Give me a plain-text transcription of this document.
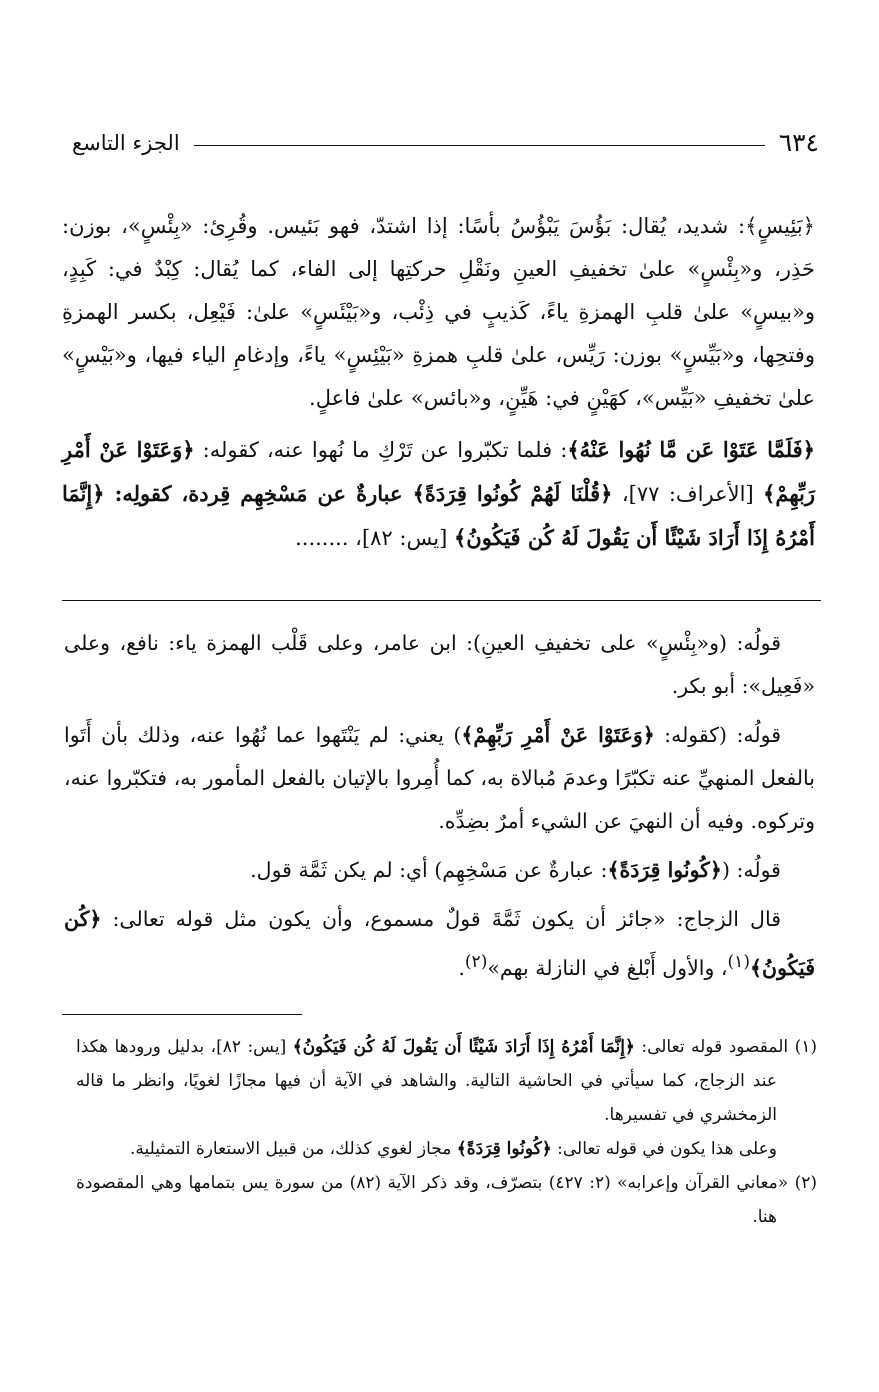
٦٣٤
الجزء التاسع

﴿بَئِيسٍ﴾: شديد، يُقال: بَؤُسَ يَبْؤُسُ بأسًا: إذا اشتدّ، فهو بَئيس. وقُرِئ: «بِئْسٍ»، بوزن: حَذِر، و«بِئْسٍ» علىٰ تخفيفِ العينِ ونَقْلِ حركتِها إلى الفاء، كما يُقال: كِبْدٌ في: كَبِدٍ، و«بيسٍ» علىٰ قلبِ الهمزةِ ياءً، كَذيبٍ في ذِئْب، و«بَيْئَسٍ» علىٰ: فَيْعِل، بكسر الهمزةِ وفتحِها، و«بَيِّسٍ» بوزن: رَيِّس، علىٰ قلبِ همزةِ «بَيْئِسٍ» ياءً، وإدغامِ الياء فيها، و«بَيْسٍ» علىٰ تخفيفِ «بَيِّس»، كهَيْنٍ في: هَيِّنٍ، و«بائس» علىٰ فاعلٍ.

﴿فَلَمَّا عَتَوْا عَن مَّا نُهُوا عَنْهُ﴾: فلما تكبّروا عن تَرْكِ ما نُهوا عنه، كقوله: ﴿وَعَتَوْا عَنْ أَمْرِ رَبِّهِمْ﴾ [الأعراف: ٧٧]، ﴿قُلْنَا لَهُمْ كُونُوا قِرَدَةً﴾ عبارةٌ عن مَسْخِهِم قِردة، كقولِه: ﴿إِنَّمَا أَمْرُهُ إِذَا أَرَادَ شَيْئًا أَن يَقُولَ لَهُ كُن فَيَكُونُ﴾ [يس: ٨٢]، ........

قولُه: (و«بِئْسٍ» على تخفيفِ العينِ): ابن عامر، وعلى قَلْب الهمزة ياء: نافع، وعلى «فَعِيل»: أبو بكر.

قولُه: (كقوله: ﴿وَعَتَوْا عَنْ أَمْرِ رَبِّهِمْ﴾) يعني: لم يَنْتَهوا عما نُهُوا عنه، وذلك بأن أَتَوا بالفعل المنهيِّ عنه تكبّرًا وعدمَ مُبالاة به، كما أُمِروا بالإتيان بالفعل المأمور به، فتكبّروا عنه، وتركوه. وفيه أن النهيَ عن الشيء أمرٌ بضِدِّه.

قولُه: (﴿كُونُوا قِرَدَةً﴾: عبارةٌ عن مَسْخِهِم) أي: لم يكن ثَمَّة قول.

قال الزجاج: «جائز أن يكون ثَمَّةَ قولٌ مسموع، وأن يكون مثل قوله تعالى: ﴿كُن فَيَكُونُ﴾$^{(١)}$، والأول أَبْلغ في النازلة بهم»$^{(٢)}$.

(١) المقصود قوله تعالى: ﴿إِنَّمَا أَمْرُهُ إِذَا أَرَادَ شَيْئًا أَن يَقُولَ لَهُ كُن فَيَكُونُ﴾ [يس: ٨٢]، بدليل ورودها هكذا عند الزجاج، كما سيأتي في الحاشية التالية. والشاهد في الآية أن فيها مجازًا لغويًا، وانظر ما قاله الزمخشري في تفسيرها.

وعلى هذا يكون في قوله تعالى: ﴿كُونُوا قِرَدَةً﴾ مجاز لغوي كذلك، من قبيل الاستعارة التمثيلية.

(٢) «معاني القرآن وإعرابه» (٢: ٤٢٧) بتصرّف، وقد ذكر الآية (٨٢) من سورة يس بتمامها وهي المقصودة هنا.
